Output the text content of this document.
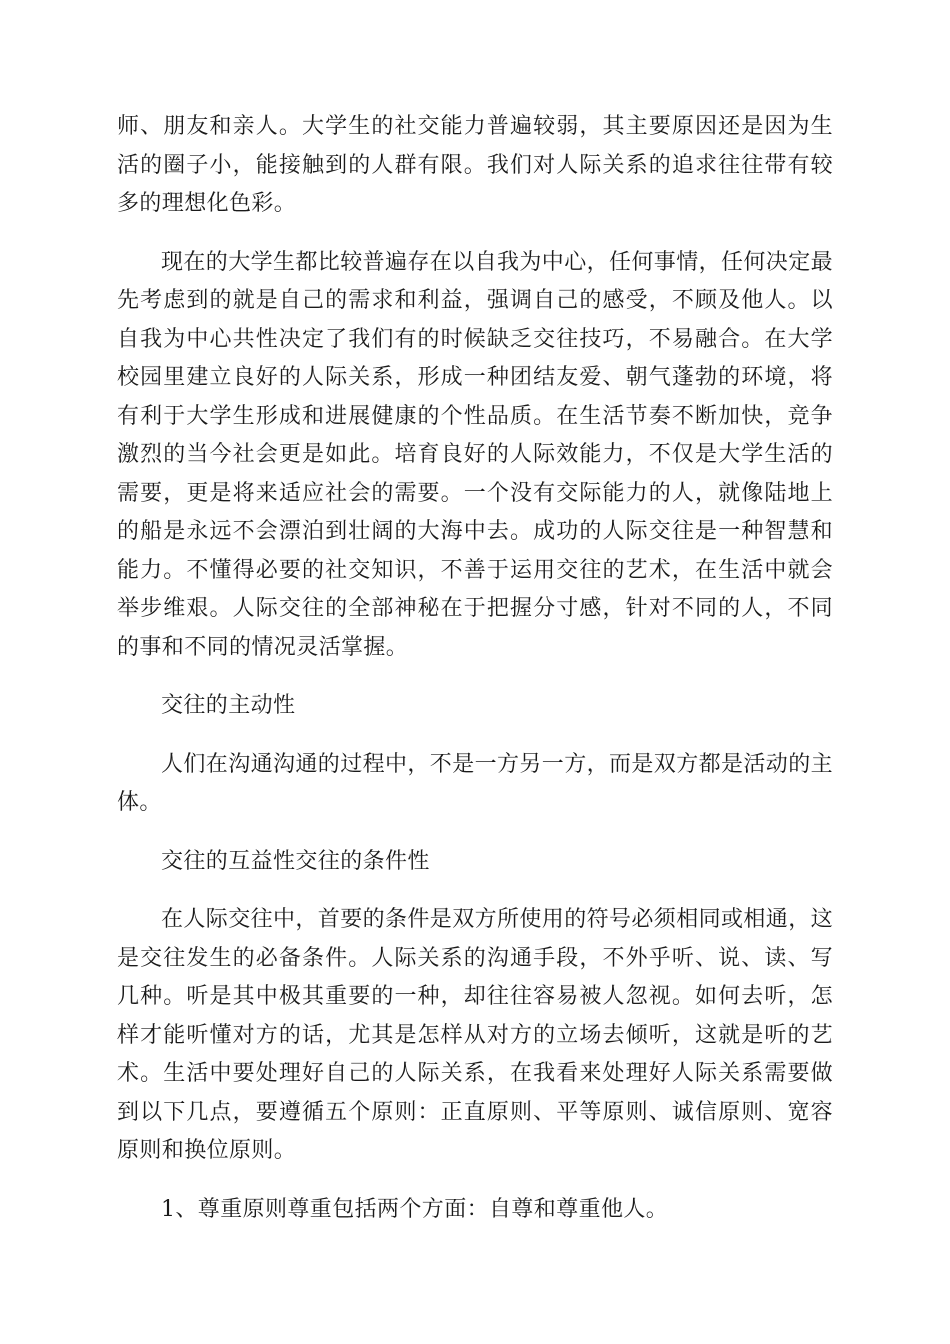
师、朋友和亲人。大学生的社交能力普遍较弱，其主要原因还是因为生活的圈子小，能接触到的人群有限。我们对人际关系的追求往往带有较多的理想化色彩。

现在的大学生都比较普遍存在以自我为中心，任何事情，任何决定最先考虑到的就是自己的需求和利益，强调自己的感受，不顾及他人。以自我为中心共性决定了我们有的时候缺乏交往技巧，不易融合。在大学校园里建立良好的人际关系，形成一种团结友爱、朝气蓬勃的环境，将有利于大学生形成和进展健康的个性品质。在生活节奏不断加快，竞争激烈的当今社会更是如此。培育良好的人际效能力，不仅是大学生活的需要，更是将来适应社会的需要。一个没有交际能力的人，就像陆地上的船是永远不会漂泊到壮阔的大海中去。成功的人际交往是一种智慧和能力。不懂得必要的社交知识，不善于运用交往的艺术，在生活中就会举步维艰。人际交往的全部神秘在于把握分寸感，针对不同的人，不同的事和不同的情况灵活掌握。

交往的主动性

人们在沟通沟通的过程中，不是一方另一方，而是双方都是活动的主体。

交往的互益性交往的条件性

在人际交往中，首要的条件是双方所使用的符号必须相同或相通，这是交往发生的必备条件。人际关系的沟通手段，不外乎听、说、读、写几种。听是其中极其重要的一种，却往往容易被人忽视。如何去听，怎样才能听懂对方的话，尤其是怎样从对方的立场去倾听，这就是听的艺术。生活中要处理好自己的人际关系，在我看来处理好人际关系需要做到以下几点，要遵循五个原则：正直原则、平等原则、诚信原则、宽容原则和换位原则。

1、尊重原则尊重包括两个方面：自尊和尊重他人。
